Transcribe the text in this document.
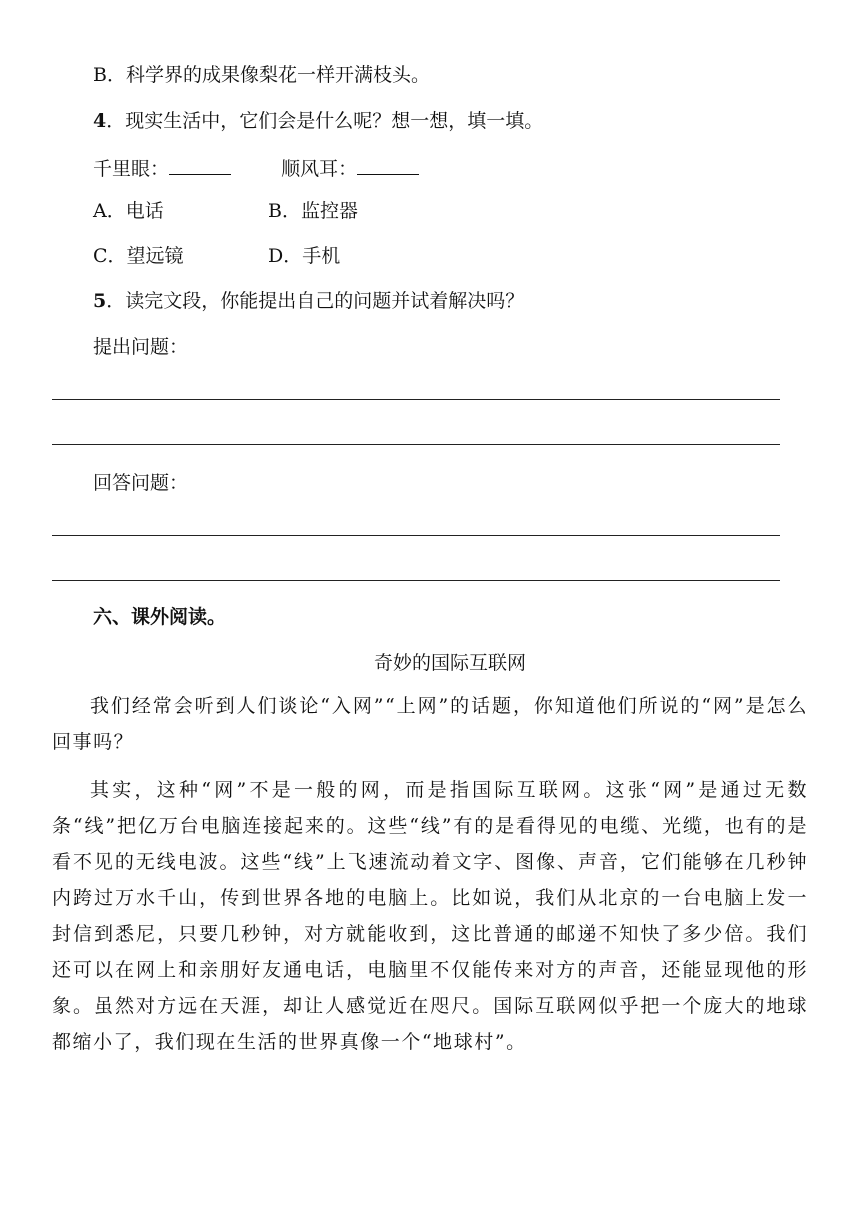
B．科学界的成果像梨花一样开满枝头。
4．现实生活中，它们会是什么呢？想一想，填一填。
千里眼：	顺风耳：
A．电话	B．监控器
C．望远镜	D．手机
5．读完文段，你能提出自己的问题并试着解决吗？
提出问题：
回答问题：
六、课外阅读。
奇妙的国际互联网

我们经常会听到人们谈论“入网”“上网”的话题，你知道他们所说的“网”是怎么回事吗？

其实，这种“网”不是一般的网，而是指国际互联网。这张“网”是通过无数条“线”把亿万台电脑连接起来的。这些“线”有的是看得见的电缆、光缆，也有的是看不见的无线电波。这些“线”上飞速流动着文字、图像、声音，它们能够在几秒钟内跨过万水千山，传到世界各地的电脑上。比如说，我们从北京的一台电脑上发一封信到悉尼，只要几秒钟，对方就能收到，这比普通的邮递不知快了多少倍。我们还可以在网上和亲朋好友通电话，电脑里不仅能传来对方的声音，还能显现他的形象。虽然对方远在天涯，却让人感觉近在咫尺。国际互联网似乎把一个庞大的地球都缩小了，我们现在生活的世界真像一个“地球村”。
